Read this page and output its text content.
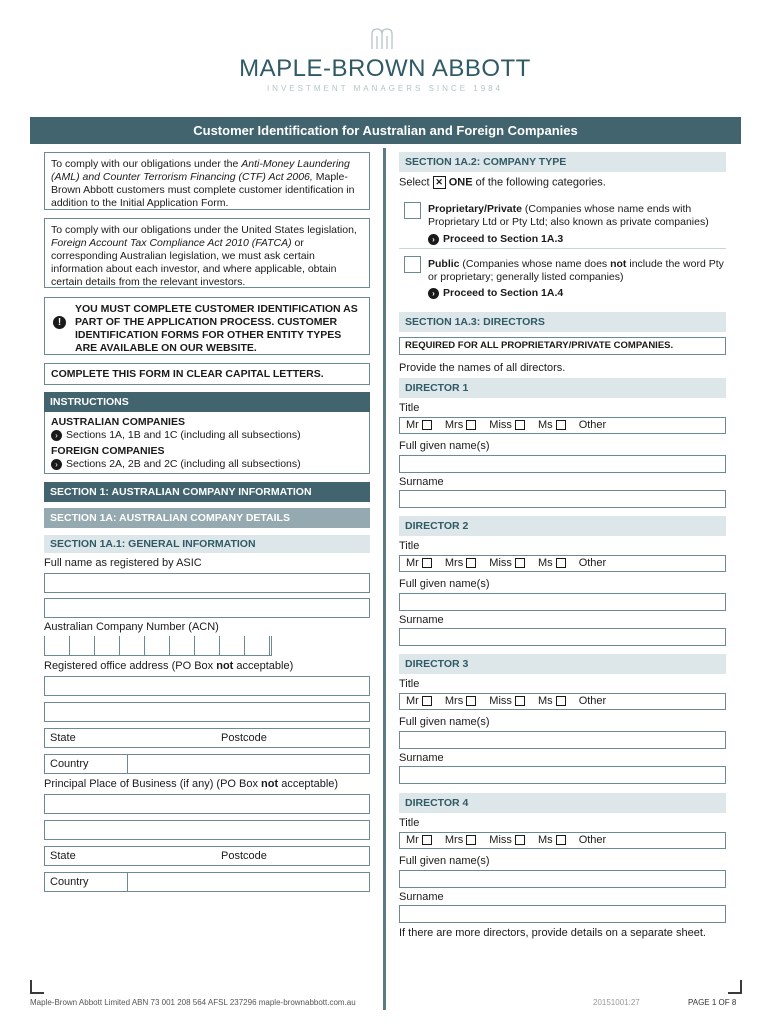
MAPLE-BROWN ABBOTT
INVESTMENT MANAGERS SINCE 1984
Customer Identification for Australian and Foreign Companies
To comply with our obligations under the Anti-Money Laundering (AML) and Counter Terrorism Financing (CTF) Act 2006, Maple-Brown Abbott customers must complete customer identification in addition to the Initial Application Form.
To comply with our obligations under the United States legislation, Foreign Account Tax Compliance Act 2010 (FATCA) or corresponding Australian legislation, we must ask certain information about each investor, and where applicable, obtain certain details from the relevant investors.
!
YOU MUST COMPLETE CUSTOMER IDENTIFICATION AS PART OF THE APPLICATION PROCESS. CUSTOMER IDENTIFICATION FORMS FOR OTHER ENTITY TYPES ARE AVAILABLE ON OUR WEBSITE.
COMPLETE THIS FORM IN CLEAR CAPITAL LETTERS.
INSTRUCTIONS
AUSTRALIAN COMPANIES
› Sections 1A, 1B and 1C (including all subsections)
FOREIGN COMPANIES
› Sections 2A, 2B and 2C (including all subsections)
SECTION 1: AUSTRALIAN COMPANY INFORMATION
SECTION 1A: AUSTRALIAN COMPANY DETAILS
SECTION 1A.1: GENERAL INFORMATION
Full name as registered by ASIC
Australian Company Number (ACN)
Registered office address (PO Box not acceptable)
State	Postcode
Country
Principal Place of Business (if any) (PO Box not acceptable)
State	Postcode
Country
SECTION 1A.2: COMPANY TYPE
Select ✕ ONE of the following categories.
Proprietary/Private (Companies whose name ends with Proprietary Ltd or Pty Ltd; also known as private companies)
› Proceed to Section 1A.3
Public (Companies whose name does not include the word Pty or proprietary; generally listed companies)
› Proceed to Section 1A.4
SECTION 1A.3: DIRECTORS
REQUIRED FOR ALL PROPRIETARY/PRIVATE COMPANIES.
Provide the names of all directors.
DIRECTOR 1
Title
Mr Mrs Miss Ms Other
Full given name(s)
Surname
DIRECTOR 2
Title
Mr Mrs Miss Ms Other
Full given name(s)
Surname
DIRECTOR 3
Title
Mr Mrs Miss Ms Other
Full given name(s)
Surname
DIRECTOR 4
Title
Mr Mrs Miss Ms Other
Full given name(s)
Surname
If there are more directors, provide details on a separate sheet.
Maple-Brown Abbott Limited ABN 73 001 208 564 AFSL 237296 maple-brownabbott.com.au	20151001:27	PAGE 1 OF 8
